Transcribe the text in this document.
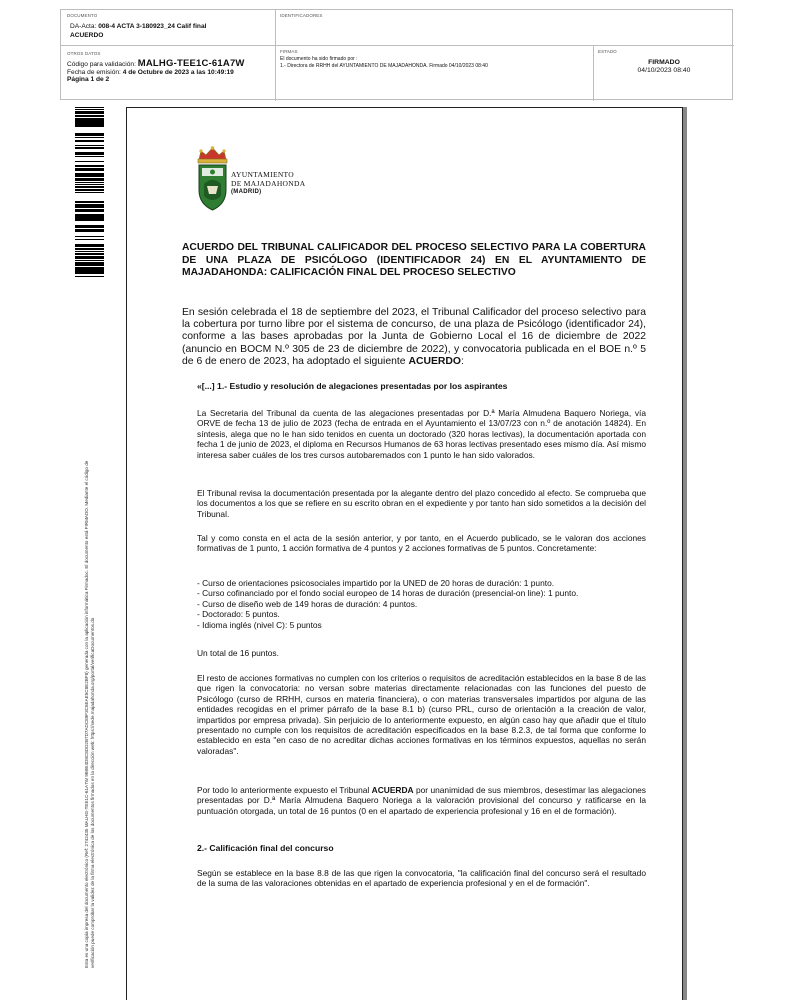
DOCUMENTO
DA-Acta: 008-4 ACTA 3-180923_24 Calif final
ACUERDO
IDENTIFICADORES
OTROS DATOS
Código para validación: MALHG-TEE1C-61A7W
Fecha de emisión: 4 de Octubre de 2023 a las 10:49:19
Página 1 de 2
FIRMAS
El documento ha sido firmado por :
1.- Directora de RRHH del AYUNTAMIENTO DE MAJADAHONDA. Firmado 04/10/2023 08:40
ESTADO
FIRMADO
04/10/2023 08:40
Esta es una copia impresa del documento electrónico (Ref: 2742435 MALHG-TEE1C-61A7W 9B9E4D8C8DD2B7D7ADC89F3C6EAE5C8E2BF8) generada con la aplicación informática Firmadoc. El documento está FIRMADO. Mediante el código de verificación puede comprobar la validez de la firma electrónica de los documentos firmados en la dirección web: https://sede.majadahonda.org/portal/verificaDocumentos.do
AYUNTAMIENTO
DE MAJADAHONDA
(MADRID)
ACUERDO DEL TRIBUNAL CALIFICADOR DEL PROCESO SELECTIVO PARA LA COBERTURA DE UNA PLAZA DE PSICÓLOGO (IDENTIFICADOR 24) EN EL AYUNTAMIENTO DE MAJADAHONDA: CALIFICACIÓN FINAL DEL PROCESO SELECTIVO
En sesión celebrada el 18 de septiembre del 2023, el Tribunal Calificador del proceso selectivo para la cobertura por turno libre por el sistema de concurso, de una plaza de Psicólogo (identificador 24), conforme a las bases aprobadas por la Junta de Gobierno Local el 16 de diciembre de 2022 (anuncio en BOCM N.º 305 de 23 de diciembre de 2022), y convocatoria publicada en el BOE n.º 5 de 6 de enero de 2023, ha adoptado el siguiente ACUERDO:
«[...] 1.- Estudio y resolución de alegaciones presentadas por los aspirantes
La Secretaria del Tribunal da cuenta de las alegaciones presentadas por D.ª María Almudena Baquero Noriega, vía ORVE de fecha 13 de julio de 2023 (fecha de entrada en el Ayuntamiento el 13/07/23 con n.º de anotación 14824). En síntesis, alega que no le han sido tenidos en cuenta un doctorado (320 horas lectivas), la documentación aportada con fecha 1 de junio de 2023, el diploma en Recursos Humanos de 63 horas lectivas presentado eses mismo día. Así mismo interesa saber cuáles de los tres cursos autobaremados con 1 punto le han sido valorados.
El Tribunal revisa la documentación presentada por la alegante dentro del plazo concedido al efecto. Se comprueba que los documentos a los que se refiere en su escrito obran en el expediente y por tanto han sido sometidos a la decisión del Tribunal.
Tal y como consta en el acta de la sesión anterior, y por tanto, en el Acuerdo publicado, se le valoran dos acciones formativas de 1 punto, 1 acción formativa de 4 puntos y 2 acciones formativas de 5 puntos. Concretamente:
- Curso de orientaciones psicosociales impartido por la UNED de 20 horas de duración: 1 punto.
- Curso cofinanciado por el fondo social europeo de 14 horas de duración (presencial-on line): 1 punto.
- Curso de diseño web de 149 horas de duración: 4 puntos.
- Doctorado: 5 puntos.
- Idioma inglés (nivel C): 5 puntos
Un total de 16 puntos.
El resto de acciones formativas no cumplen con los criterios o requisitos de acreditación establecidos en la base 8 de las que rigen la convocatoria: no versan sobre materias directamente relacionadas con las funciones del puesto de Psicólogo (curso de RRHH, cursos en materia financiera), o con materias transversales impartidos por alguna de las entidades recogidas en el primer párrafo de la base 8.1 b) (curso PRL, curso de orientación a la creación de valor, impartidos por empresa privada). Sin perjuicio de lo anteriormente expuesto, en algún caso hay que añadir que el título presentado no cumple con los requisitos de acreditación especificados en la base 8.2.3, de tal forma que conforme lo establecido en esta "en caso de no acreditar dichas acciones formativas en los términos expuestos, aquellas no serán valoradas".
Por todo lo anteriormente expuesto el Tribunal ACUERDA por unanimidad de sus miembros, desestimar las alegaciones presentadas por D.ª María Almudena Baquero Noriega a la valoración provisional del concurso y ratificarse en la puntuación otorgada, un total de 16 puntos (0 en el apartado de experiencia profesional y 16 en el de formación).
2.- Calificación final del concurso
Según se establece en la base 8.8 de las que rigen la convocatoria, "la calificación final del concurso será el resultado de la suma de las valoraciones obtenidas en el apartado de experiencia profesional y en el de formación".
